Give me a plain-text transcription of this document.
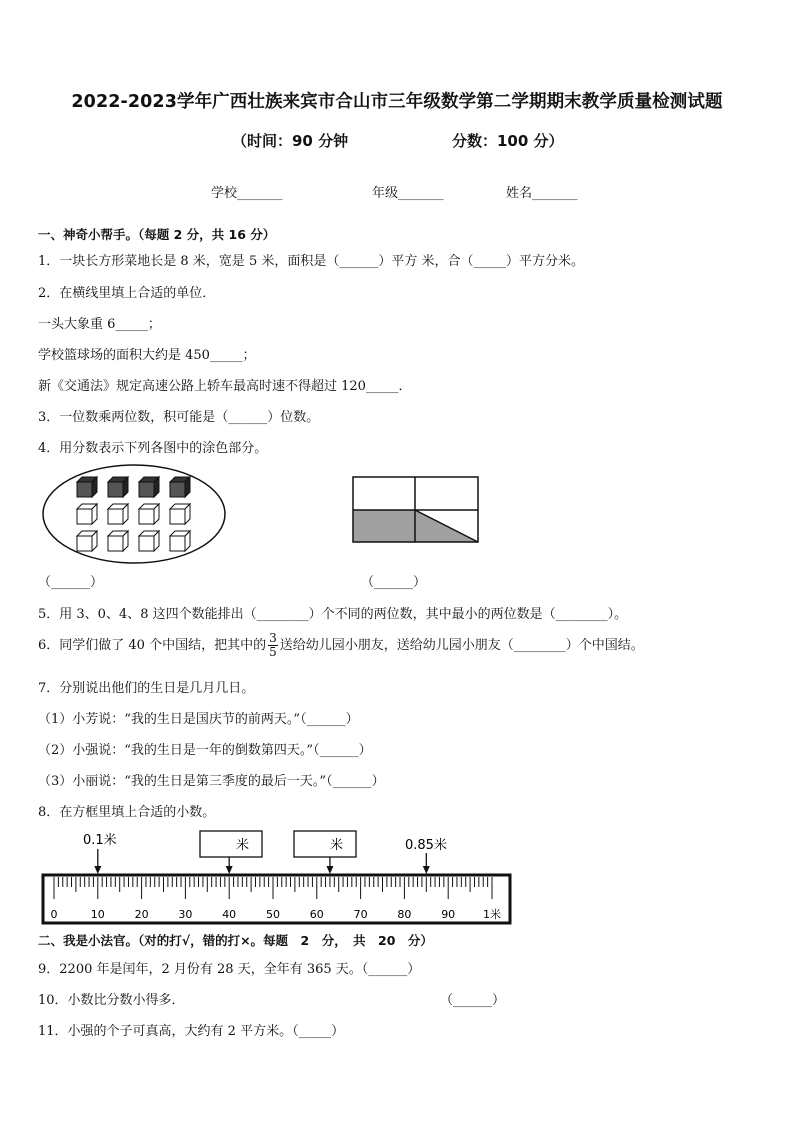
2022-2023学年广西壮族来宾市合山市三年级数学第二学期期末教学质量检测试题
（时间：90 分钟	分数：100 分）
学校_______	年级_______	姓名_______
一、神奇小帮手。（每题 2 分，共 16 分）
1．一块长方形菜地长是 8 米，宽是 5 米，面积是（______）平方 米，合（_____）平方分米。
2．在横线里填上合适的单位．
一头大象重 6_____；
学校篮球场的面积大约是 450_____；
新《交通法》规定高速公路上轿车最高时速不得超过 120_____．
3．一位数乘两位数，积可能是（______）位数。
4．用分数表示下列各图中的涂色部分。
（______）	（______）
5．用 3、0、4、8 这四个数能排出（________）个不同的两位数，其中最小的两位数是（________）。
6．同学们做了 40 个中国结，把其中的 $\frac{3}{5}$ 送给幼儿园小朋友，送给幼儿园小朋友（________）个中国结。
7．分别说出他们的生日是几月几日。
（1）小芳说：“我的生日是国庆节的前两天。”（______）
（2）小强说：“我的生日是一年的倒数第四天。”（______）
（3）小丽说：“我的生日是第三季度的最后一天。”（______）
8．在方框里填上合适的小数。
0.1米	米	米	0.85米
0	10	20	30	40	50	60	70	80	90	1米
二、我是小法官。（对的打√，错的打×。每题　2　分，　共　20　分）
9．2200 年是闰年，2 月份有 28 天，全年有 365 天。（______）
10．小数比分数小得多．	（______）
11．小强的个子可真高，大约有 2 平方米。（_____）
